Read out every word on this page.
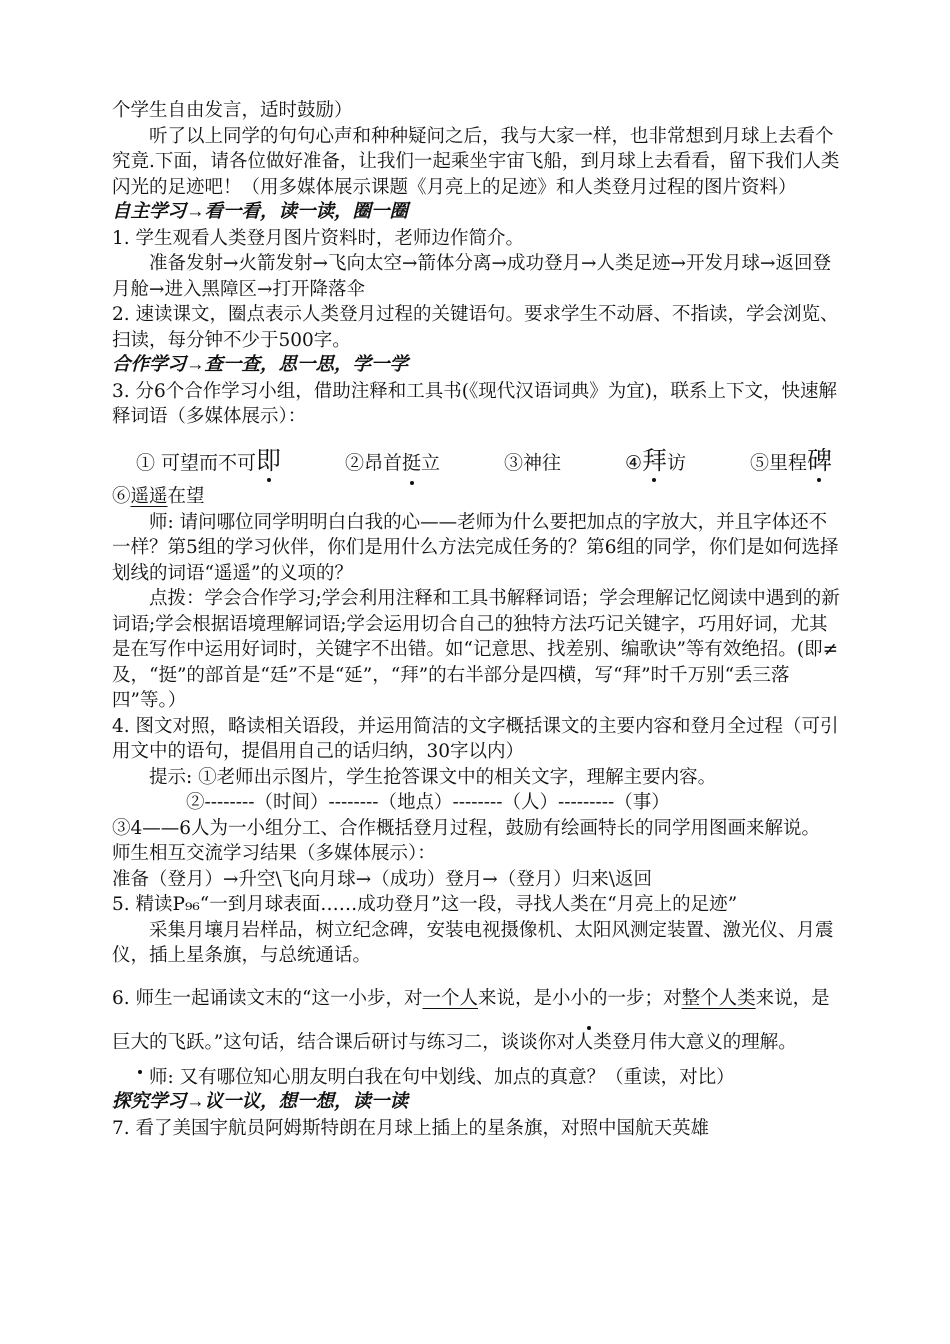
个学生自由发言，适时鼓励）

听了以上同学的句句心声和种种疑问之后，我与大家一样，也非常想到月球上去看个究竟.下面，请各位做好准备，让我们一起乘坐宇宙飞船，到月球上去看看，留下我们人类闪光的足迹吧！（用多媒体展示课题《月亮上的足迹》和人类登月过程的图片资料）

自主学习→看一看，读一读，圈一圈

1. 学生观看人类登月图片资料时，老师边作简介。

准备发射→火箭发射→飞向太空→箭体分离→成功登月→人类足迹→开发月球→返回登月舱→进入黑障区→打开降落伞

2. 速读课文，圈点表示人类登月过程的关键语句。要求学生不动唇、不指读，学会浏览、扫读，每分钟不少于500字。

合作学习→查一查，思一思，学一学

3. 分6个合作学习小组，借助注释和工具书(《现代汉语词典》为宜)，联系上下文，快速解释词语（多媒体展示）：

① 可望而不可即	②昂首挺立	③神往	④拜访	⑤里程碑

⑥遥遥在望

师: 请问哪位同学明明白白我的心——老师为什么要把加点的字放大，并且字体还不一样？第5组的学习伙伴，你们是用什么方法完成任务的？第6组的同学，你们是如何选择划线的词语“遥遥”的义项的？

点拨：学会合作学习;学会利用注释和工具书解释词语；学会理解记忆阅读中遇到的新词语;学会根据语境理解词语;学会运用切合自己的独特方法巧记关键字，巧用好词，尤其是在写作中运用好词时，关键字不出错。如“记意思、找差别、编歌诀”等有效绝招。(即≠及，“挺”的部首是“廷”不是“延”，“拜”的右半部分是四横，写“拜”时千万别“丢三落四”等。）

4. 图文对照，略读相关语段，并运用简洁的文字概括课文的主要内容和登月全过程（可引用文中的语句，提倡用自己的话归纳，30字以内）

提示: ①老师出示图片，学生抢答课文中的相关文字，理解主要内容。

②--------（时间）--------（地点）--------（人）---------（事）

③4——6人为一小组分工、合作概括登月过程，鼓励有绘画特长的同学用图画来解说。

师生相互交流学习结果（多媒体展示）：

准备（登月）→升空\飞向月球→（成功）登月→（登月）归来\返回

5. 精读P₉₆“一到月球表面……成功登月”这一段，寻找人类在“月亮上的足迹”

采集月壤月岩样品，树立纪念碑，安装电视摄像机、太阳风测定装置、激光仪、月震仪，插上星条旗，与总统通话。

6. 师生一起诵读文末的“这一小步，对一个人来说，是小小的一步；对整个人类来说，是巨大的飞跃。”这句话，结合课后研讨与练习二，谈谈你对人类登月伟大意义的理解。

师: 又有哪位知心朋友明白我在句中划线、加点的真意？（重读，对比）

探究学习→议一议，想一想，读一读

7. 看了美国宇航员阿姆斯特朗在月球上插上的星条旗，对照中国航天英雄
